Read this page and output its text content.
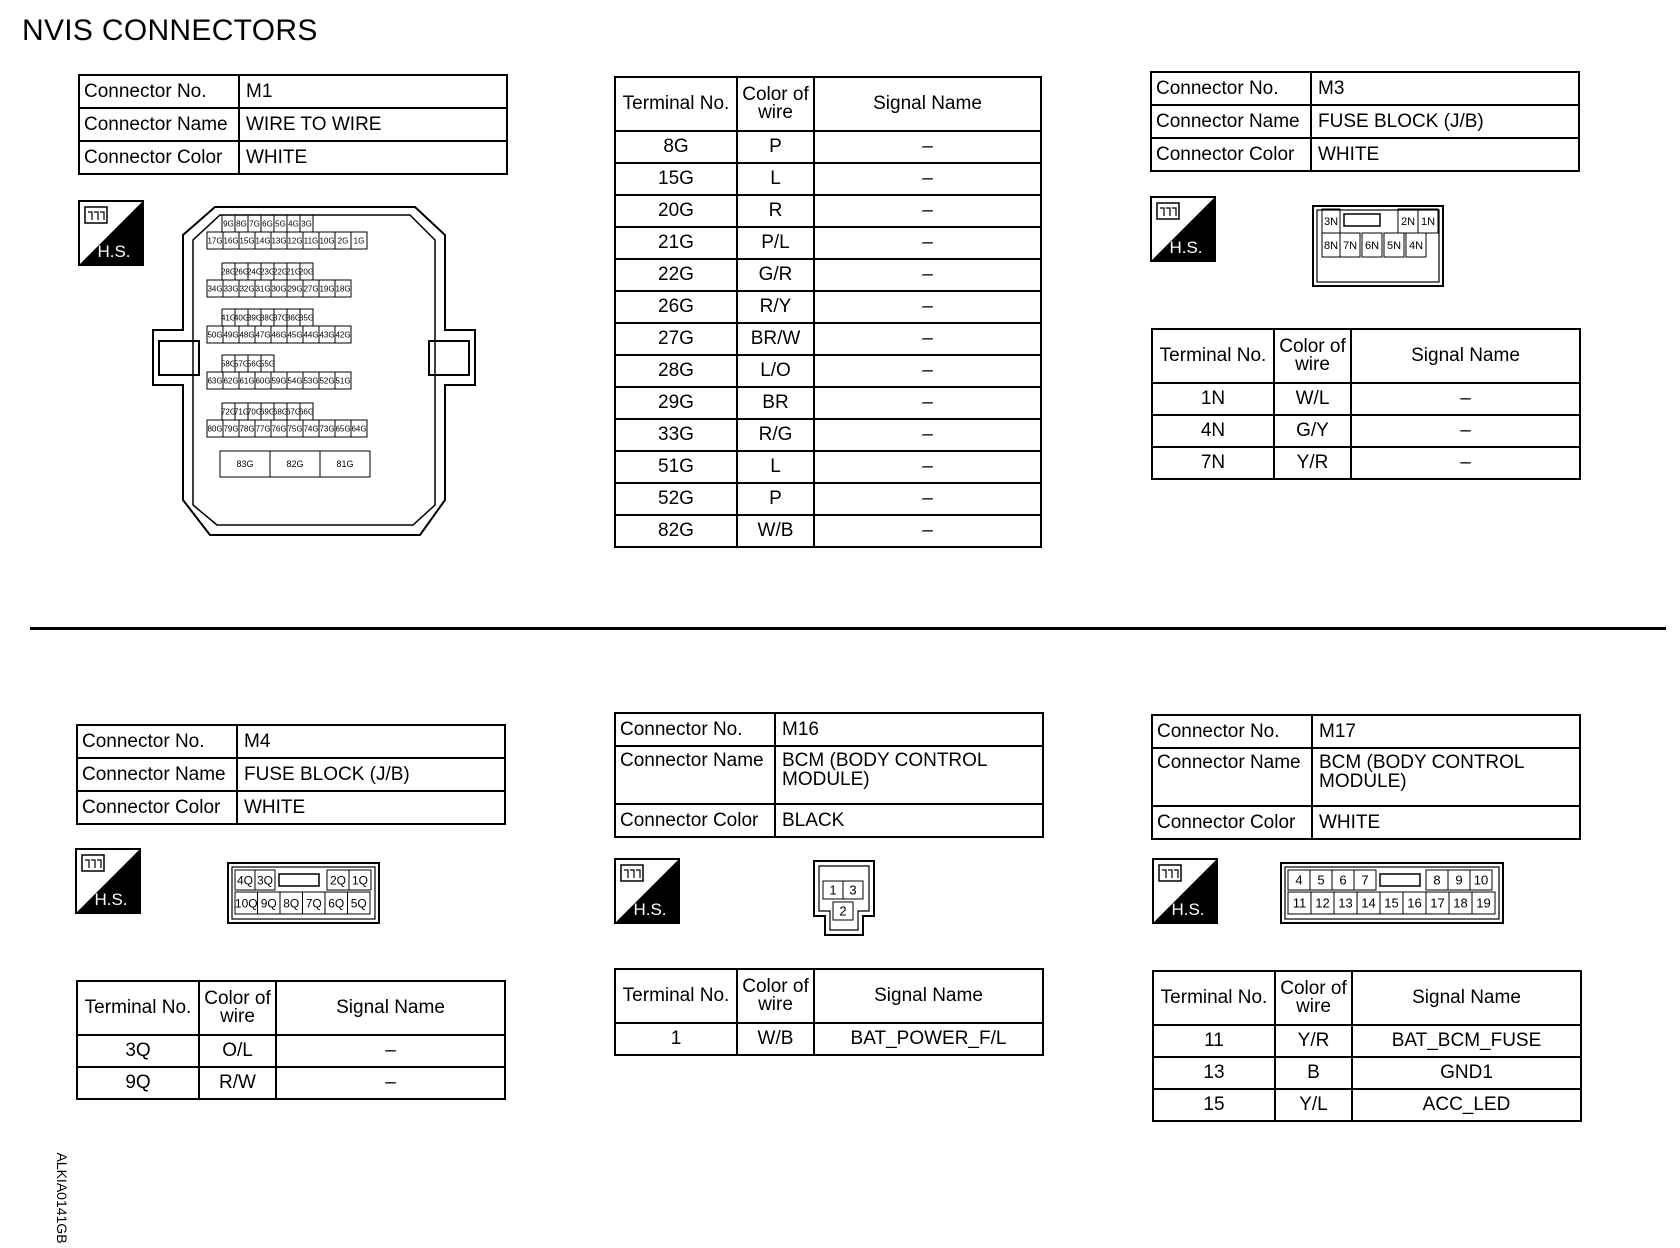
NVIS CONNECTORS
Connector No.	M1
Connector Name	WIRE TO WIRE
Connector Color	WHITE
Terminal No.	Color of wire	Signal Name
8G	P	–
15G	L	–
20G	R	–
21G	P/L	–
22G	G/R	–
26G	R/Y	–
27G	BR/W	–
28G	L/O	–
29G	BR	–
33G	R/G	–
51G	L	–
52G	P	–
82G	W/B	–
Connector No.	M3
Connector Name	FUSE BLOCK (J/B)
Connector Color	WHITE
Terminal No.	Color of wire	Signal Name
1N	W/L	–
4N	G/Y	–
7N	Y/R	–
Connector No.	M4
Connector Name	FUSE BLOCK (J/B)
Connector Color	WHITE
Terminal No.	Color of wire	Signal Name
3Q	O/L	–
9Q	R/W	–
Connector No.	M16
Connector Name	BCM (BODY CONTROL MODULE)
Connector Color	BLACK
Terminal No.	Color of wire	Signal Name
1	W/B	BAT_POWER_F/L
Connector No.	M17
Connector Name	BCM (BODY CONTROL MODULE)
Connector Color	WHITE
Terminal No.	Color of wire	Signal Name
11	Y/R	BAT_BCM_FUSE
13	B	GND1
15	Y/L	ACC_LED
H.S.	H.S.
H.S.
H.S.	H.S.
9G 8G 7G 6G 5G 4G 3G
17G 16G 15G 14G 13G 12G 11G 10G 2G 1G
28G
26G
24G
23G
22G
21G
20G
34G 33G 32G 31G 30G 29G 27G 19G 18G
41G
40G
39G
38G
37G
36G
35G
50G 49G 48G 47G 46G 45G 44G 43G 42G
58G
57G
56G
55G
63G 62G 61G 60G 59G 54G 53G 52G 51G
72G
71G
70G
69G
68G
67G
66G
80G 79G 78G 77G 76G 75G 74G 73G 65G 64G
83G	82G	81G
3N	2N 1N
8N 7N 6N 5N 4N
4Q 3Q	2Q 1Q
10Q 9Q 8Q 7Q 6Q 5Q
1 3
2
4 5 6 7	8 9 10
11 12 13 14 15 16 17 18 19
ALKIA0141GB
